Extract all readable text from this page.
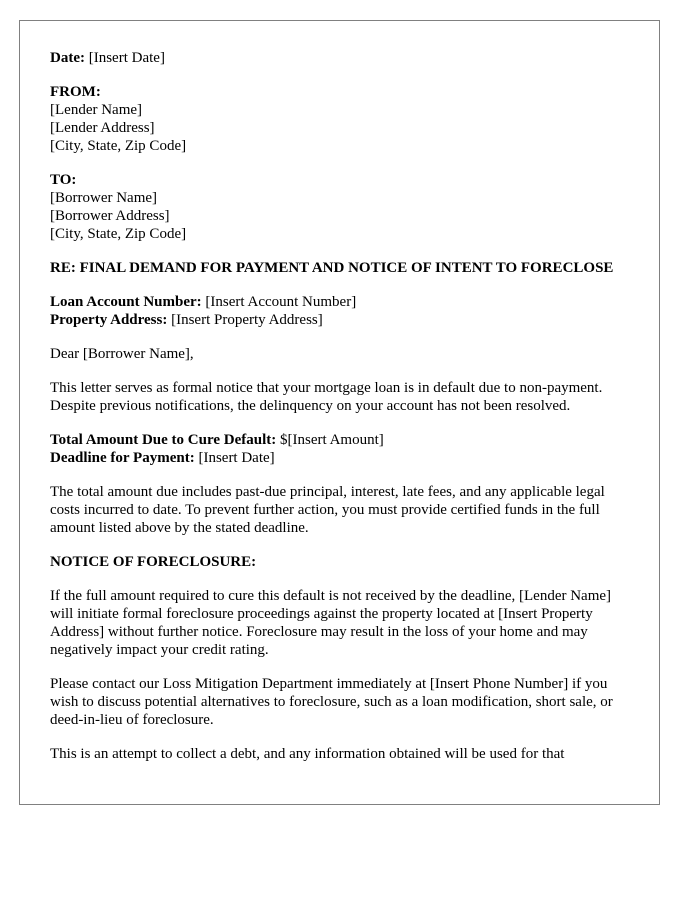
Date: [Insert Date]
FROM:
[Lender Name]
[Lender Address]
[City, State, Zip Code]
TO:
[Borrower Name]
[Borrower Address]
[City, State, Zip Code]
RE: FINAL DEMAND FOR PAYMENT AND NOTICE OF INTENT TO FORECLOSE
Loan Account Number: [Insert Account Number]
Property Address: [Insert Property Address]
Dear [Borrower Name],
This letter serves as formal notice that your mortgage loan is in default due to non-payment. Despite previous notifications, the delinquency on your account has not been resolved.
Total Amount Due to Cure Default: $[Insert Amount]
Deadline for Payment: [Insert Date]
The total amount due includes past-due principal, interest, late fees, and any applicable legal costs incurred to date. To prevent further action, you must provide certified funds in the full amount listed above by the stated deadline.
NOTICE OF FORECLOSURE:
If the full amount required to cure this default is not received by the deadline, [Lender Name] will initiate formal foreclosure proceedings against the property located at [Insert Property Address] without further notice. Foreclosure may result in the loss of your home and may negatively impact your credit rating.
Please contact our Loss Mitigation Department immediately at [Insert Phone Number] if you wish to discuss potential alternatives to foreclosure, such as a loan modification, short sale, or deed-in-lieu of foreclosure.
This is an attempt to collect a debt, and any information obtained will be used for that
